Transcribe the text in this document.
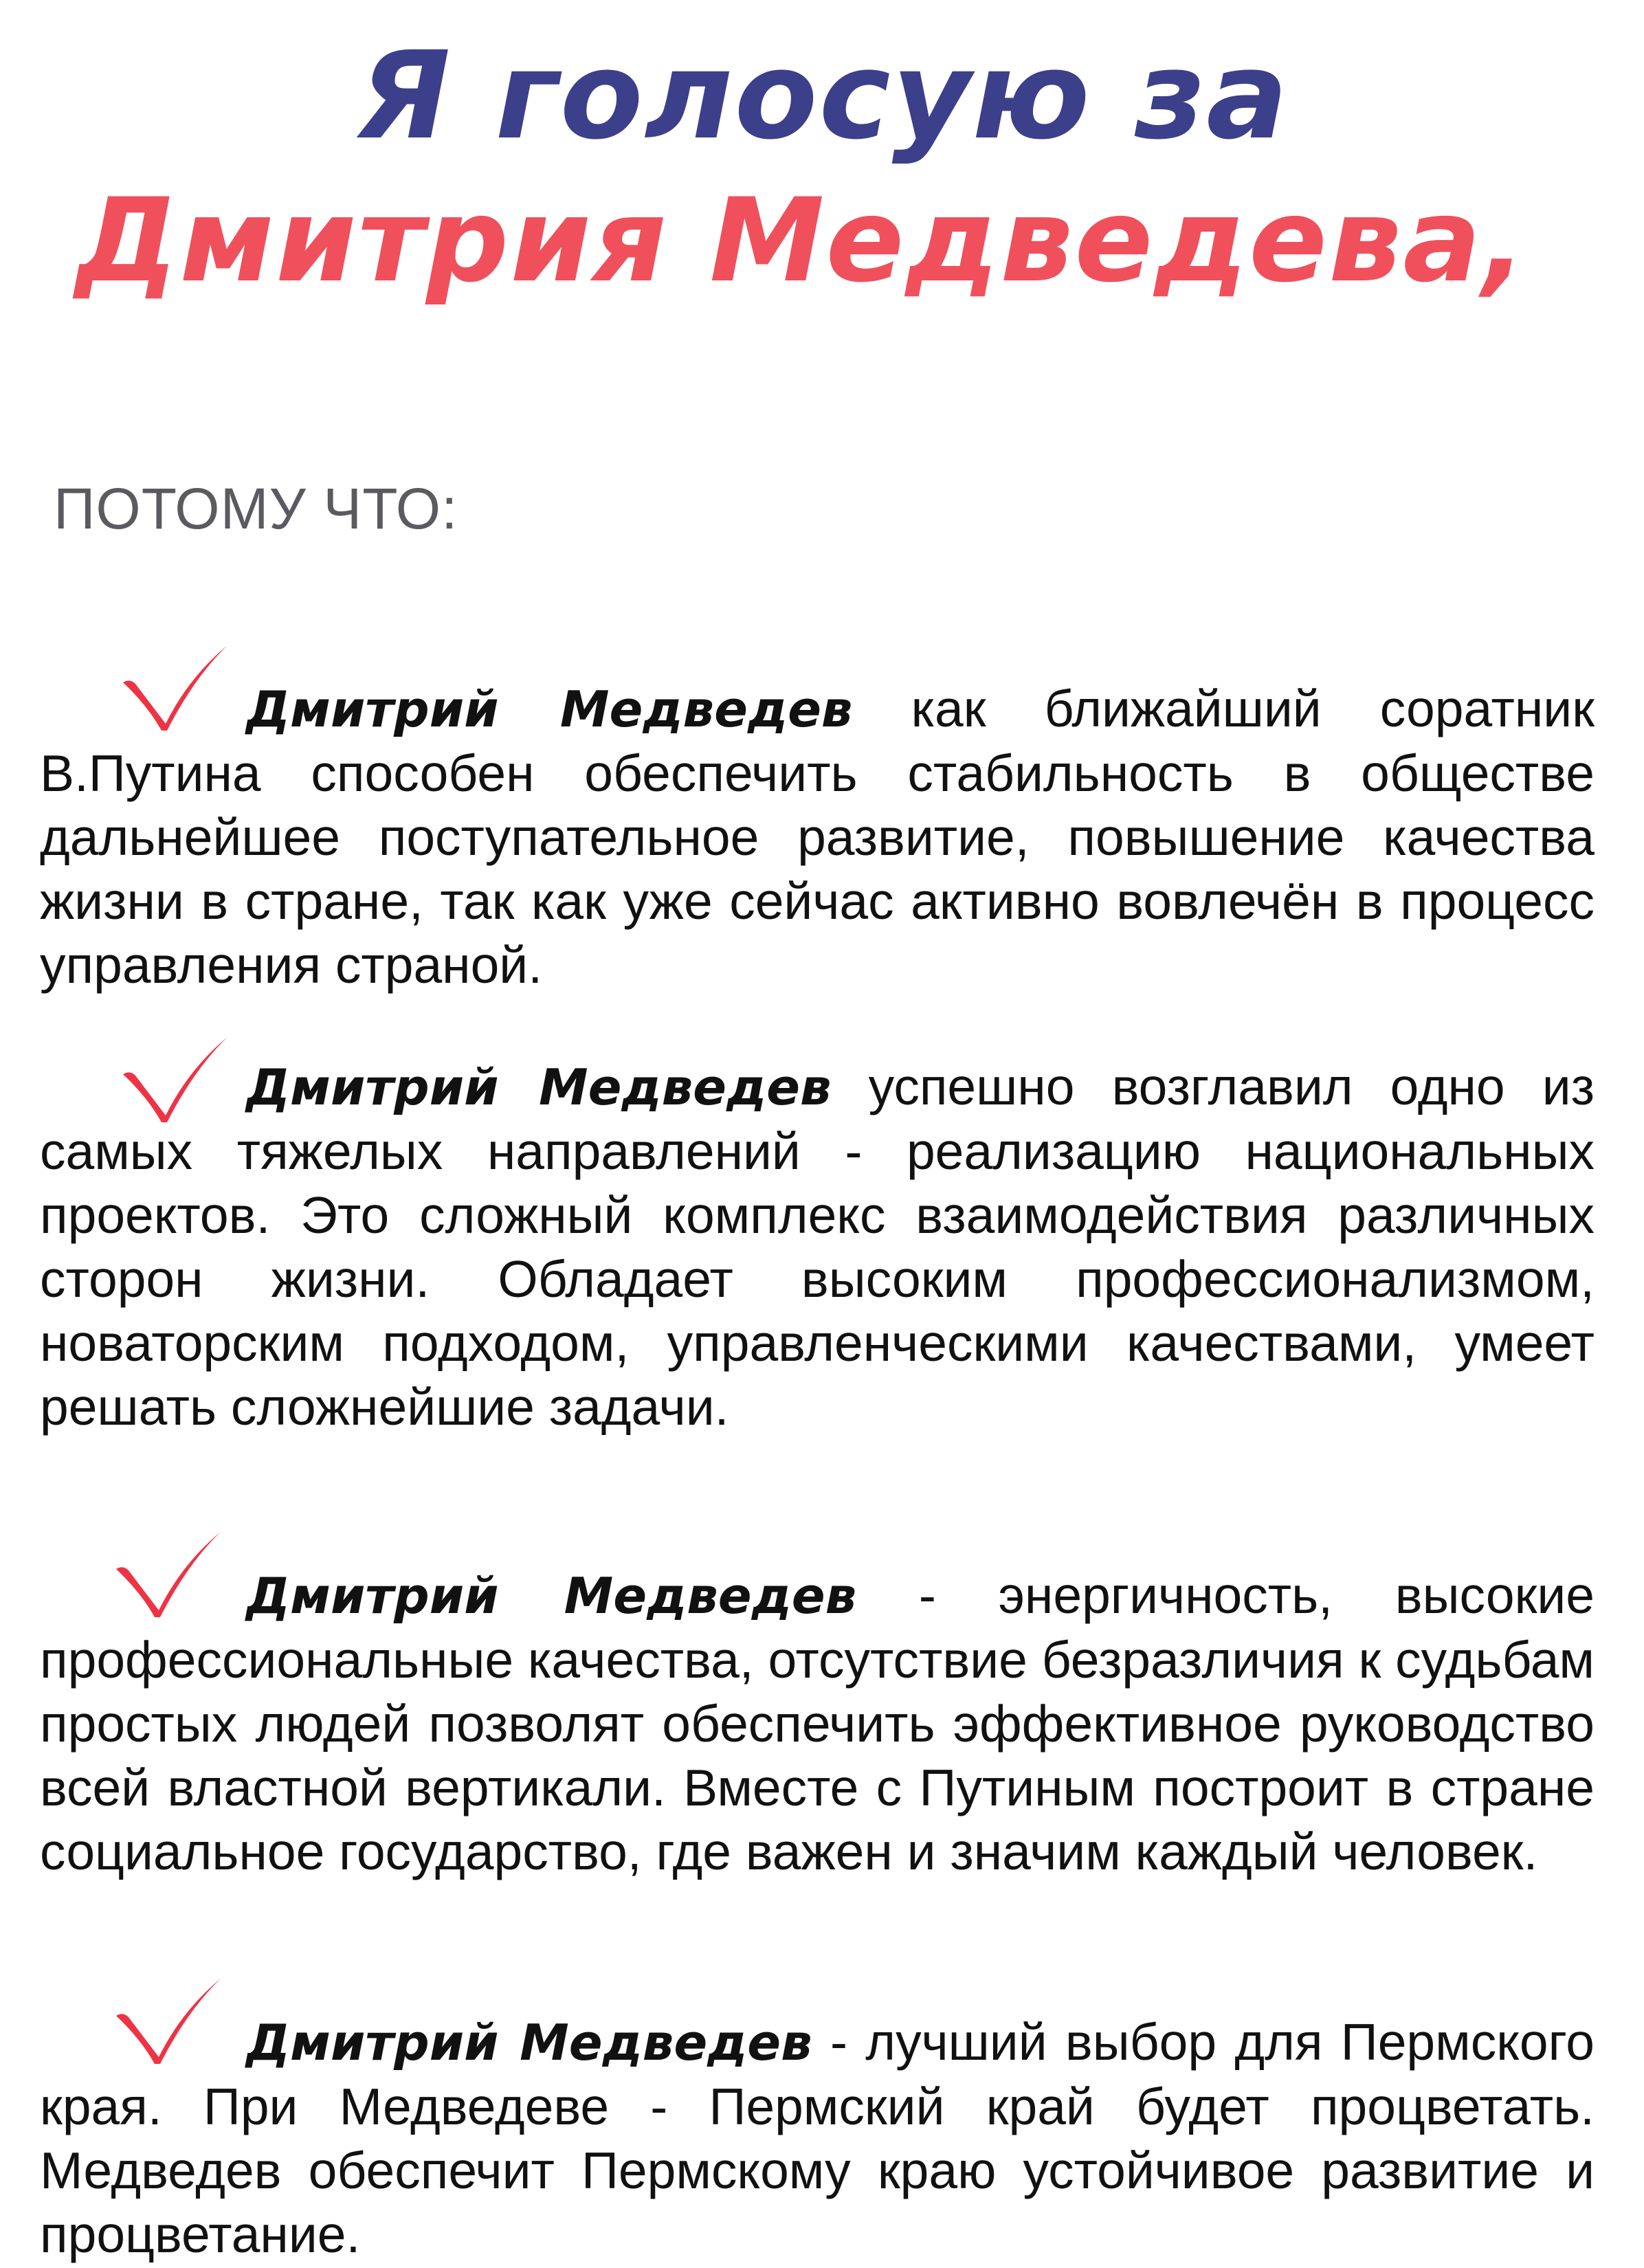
Я голосую за
Дмитрия Медведева,
ПОТОМУ ЧТО:

Дмитрий Медведев как ближайший соратник В.Путина способен обеспечить стабильность в обществе дальнейшее поступательное развитие, повышение качества жизни в стране, так как уже сейчас активно вовлечён в процесс управления страной.

Дмитрий Медведев успешно возглавил одно из самых тяжелых направлений - реализацию национальных проектов. Это сложный комплекс взаимодействия различных сторон жизни. Обладает высоким профессионализмом, новаторским подходом, управленческими качествами, умеет решать сложнейшие задачи.

Дмитрий Медведев - энергичность, высокие профессиональные качества, отсутствие безразличия к судьбам простых людей позволят обеспечить эффективное руководство всей властной вертикали. Вместе с Путиным построит в стране социальное государство, где важен и значим каждый человек.

Дмитрий Медведев - лучший выбор для Пермского края. При Медведеве - Пермский край будет процветать. Медведев обеспечит Пермскому краю устойчивое развитие и процветание.
